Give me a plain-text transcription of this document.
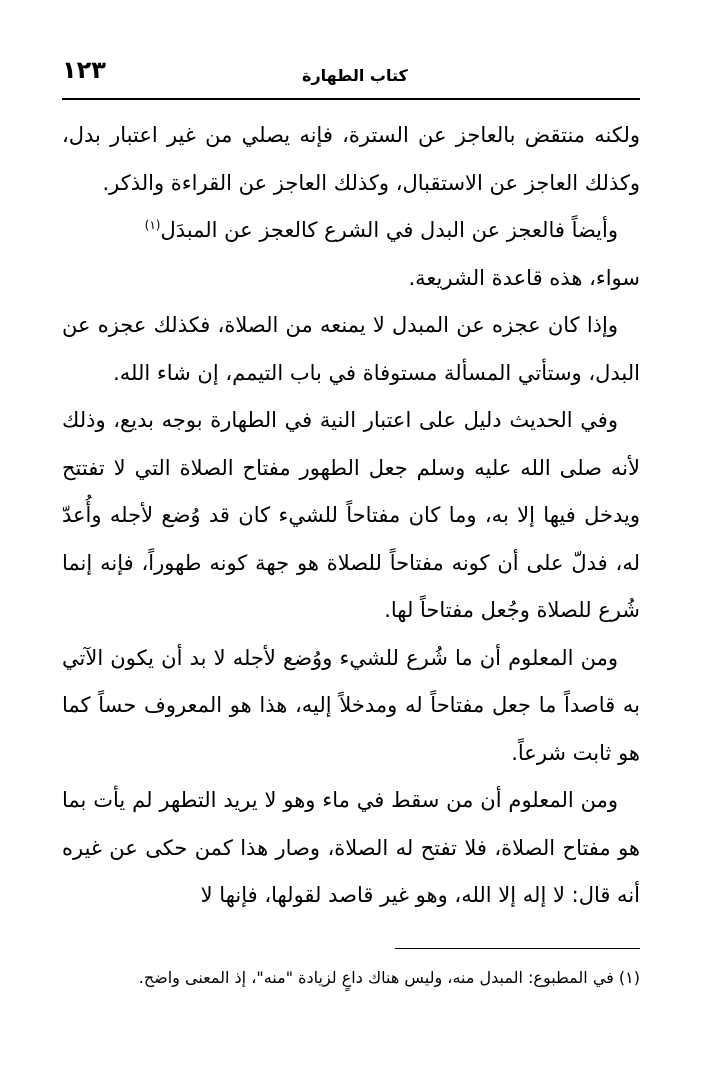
١٢٣	كتاب الطهارة

ولكنه منتقض بالعاجز عن السترة، فإنه يصلي من غير اعتبار بدل، وكذلك العاجز عن الاستقبال، وكذلك العاجز عن القراءة والذكر.

وأيضاً فالعجز عن البدل في الشرع كالعجز عن المبدَل$^{(١)}$

سواء، هذه قاعدة الشريعة.

وإذا كان عجزه عن المبدل لا يمنعه من الصلاة، فكذلك عجزه عن البدل، وستأتي المسألة مستوفاة في باب التيمم، إن شاء الله.

وفي الحديث دليل على اعتبار النية في الطهارة بوجه بديع، وذلك لأنه صلى الله عليه وسلم جعل الطهور مفتاح الصلاة التي لا تفتتح ويدخل فيها إلا به، وما كان مفتاحاً للشيء كان قد وُضع لأجله وأُعدّ له، فدلّ على أن كونه مفتاحاً للصلاة هو جهة كونه طهوراً، فإنه إنما شُرع للصلاة وجُعل مفتاحاً لها.

ومن المعلوم أن ما شُرع للشيء ووُضع لأجله لا بد أن يكون الآتي به قاصداً ما جعل مفتاحاً له ومدخلاً إليه، هذا هو المعروف حساً كما هو ثابت شرعاً.

ومن المعلوم أن من سقط في ماء وهو لا يريد التطهر لم يأت بما هو مفتاح الصلاة، فلا تفتح له الصلاة، وصار هذا كمن حكى عن غيره أنه قال: لا إله إلا الله، وهو غير قاصد لقولها، فإنها لا

(١) في المطبوع: المبدل منه، وليس هناك داعٍ لزيادة "منه"، إذ المعنى واضح.
